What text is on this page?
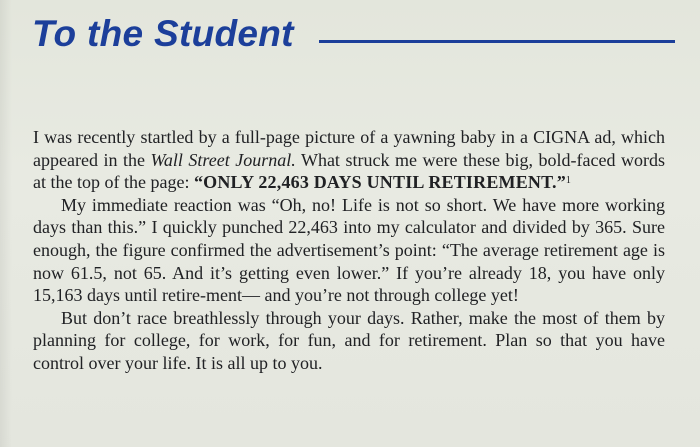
To the Student

I was recently startled by a full-page picture of a yawning baby in a CIGNA ad, which appeared in the Wall Street Journal. What struck me were these big, bold-faced words at the top of the page: “ONLY 22,463 DAYS UNTIL RETIREMENT.”$^1$

My immediate reaction was “Oh, no! Life is not so short. We have more working days than this.” I quickly punched 22,463 into my calculator and divided by 365. Sure enough, the figure confirmed the advertisement’s point: “The average retirement age is now 61.5, not 65. And it’s getting even lower.” If you’re already 18, you have only 15,163 days until retire-ment— and you’re not through college yet!

But don’t race breathlessly through your days. Rather, make the most of them by planning for college, for work, for fun, and for retirement. Plan so that you have control over your life. It is all up to you.
